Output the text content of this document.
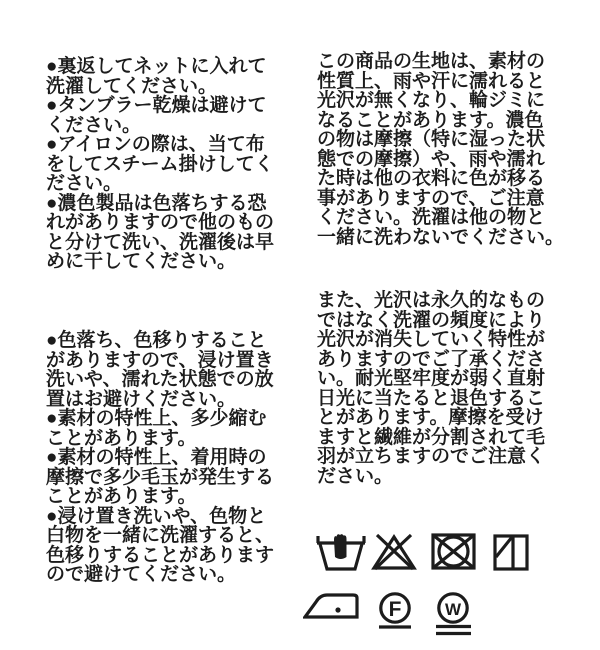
●裏返してネットに入れて
洗濯してください。
●タンブラー乾燥は避けて
ください。
●アイロンの際は、当て布
をしてスチーム掛けしてく
ださい。
●濃色製品は色落ちする恐
れがありますので他のもの
と分けて洗い、洗濯後は早
めに干してください。
●色落ち、色移りすること
がありますので、浸け置き
洗いや、濡れた状態での放
置はお避けください。
●素材の特性上、多少縮む
ことがあります。
●素材の特性上、着用時の
摩擦で多少毛玉が発生する
ことがあります。
●浸け置き洗いや、色物と
白物を一緒に洗濯すると、
色移りすることがあります
ので避けてください。
この商品の生地は、素材の
性質上、雨や汗に濡れると
光沢が無くなり、輪ジミに
なることがあります。濃色
の物は摩擦（特に湿った状
態での摩擦）や、雨や濡れ
た時は他の衣料に色が移る
事がありますので、ご注意
ください。洗濯は他の物と
一緒に洗わないでください。
また、光沢は永久的なもの
ではなく洗濯の頻度により
光沢が消失していく特性が
ありますのでご了承くださ
い。耐光堅牢度が弱く直射
日光に当たると退色するこ
とがあります。摩擦を受け
ますと繊維が分割されて毛
羽が立ちますのでご注意く
ださい。
F	W
